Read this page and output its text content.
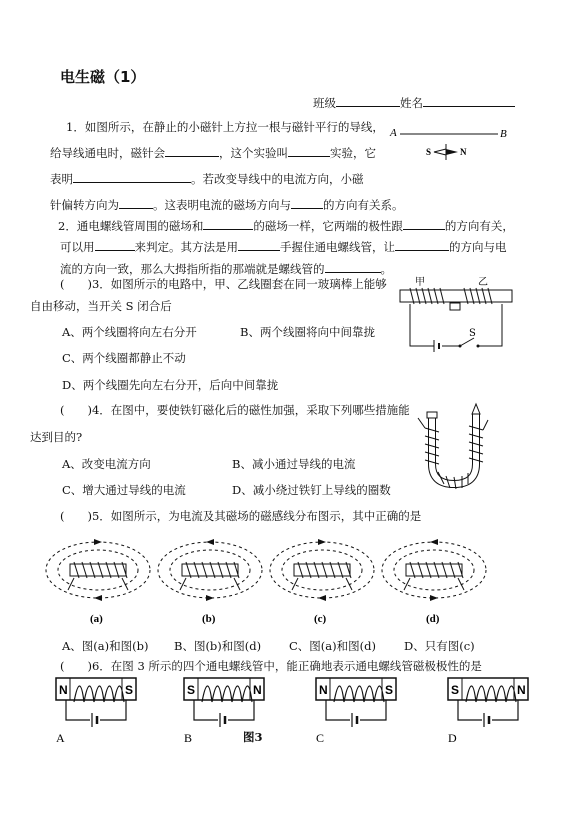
电生磁（1）
班级	姓名
1．如图所示，在静止的小磁针上方拉一根与磁针平行的导线，
给导线通电时，磁针会	，这个实验叫	实验，它
表明	。若改变导线中的电流方向，小磁
针偏转方向为	。这表明电流的磁场方向与	的方向有关系。
A	B
S	N
2．通电螺线管周围的磁场和	的磁场一样，它两端的极性跟	的方向有关，
可以用	来判定。其方法是用	手握住通电螺线管，让	的方向与电
流的方向一致，那么大拇指所指的那端就是螺线管的	。
(　　)3．如图所示的电路中，甲、乙线圈套在同一玻璃棒上能够
自由移动，当开关 S 闭合后
A、两个线圈将向左右分开	B、两个线圈将向中间靠拢
C、两个线圈都静止不动
D、两个线圈先向左右分开，后向中间靠拢
甲	乙
S
(　　)4．在图中，要使铁钉磁化后的磁性加强，采取下列哪些措施能
达到目的?
A、改变电流方向	B、减小通过导线的电流
C、增大通过导线的电流	D、减小绕过铁钉上导线的圈数
(　　)5．如图所示，为电流及其磁场的磁感线分布图示，其中正确的是
(a)	(b)	(c)	(d)
A、图(a)和图(b) B、图(b)和图(d) C、图(a)和图(d) D、只有图(c)
(　　)6．在图 3 所示的四个通电螺线管中，能正确地表示通电螺线管磁极极性的是
N	S
A
S	N
B
N	S
C
S	N
D
图3
